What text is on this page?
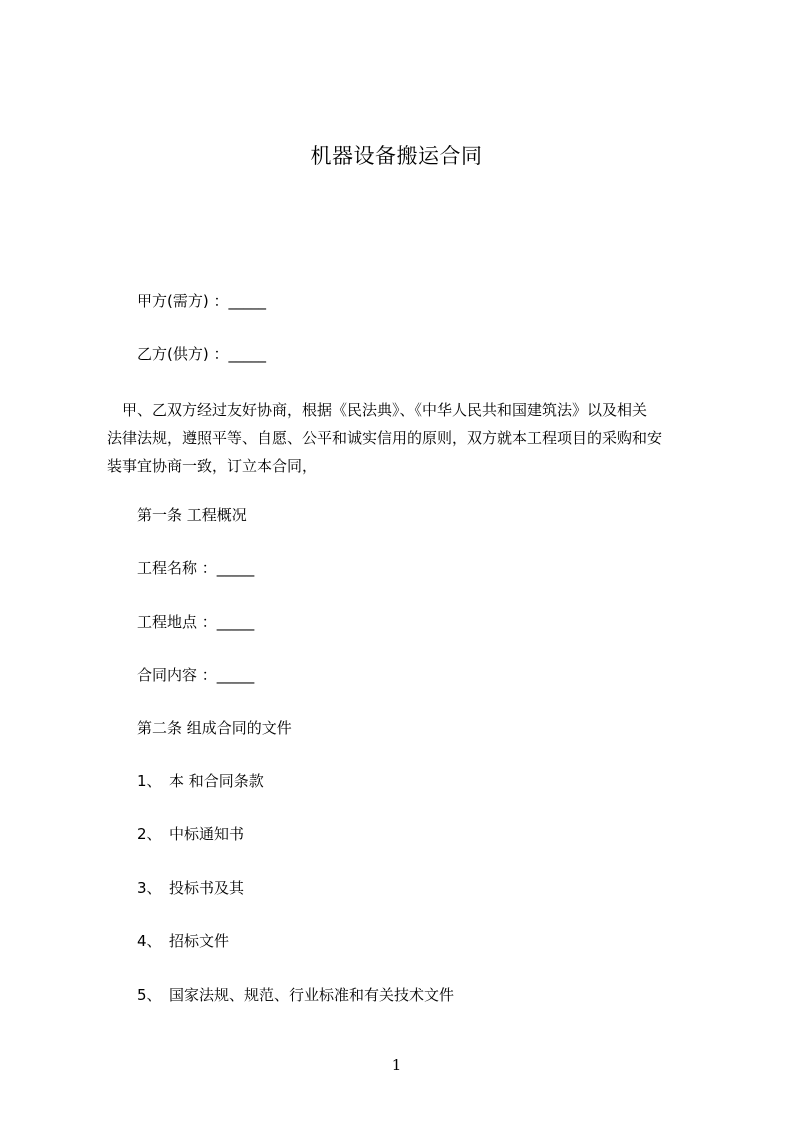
机器设备搬运合同
甲方(需方) ：_____
乙方(供方) ：_____
　甲、乙双方经过友好协商，根据《民法典》、《中华人民共和国建筑法》以及相关
法律法规，遵照平等、自愿、公平和诚实信用的原则，双方就本工程项目的采购和安
装事宜协商一致，订立本合同，
第一条 工程概况
工程名称 ：_____
工程地点 ：_____
合同内容 ：_____
第二条 组成合同的文件
1、 本 和合同条款
2、 中标通知书
3、 投标书及其
4、 招标文件
5、 国家法规、规范、行业标准和有关技术文件
1
